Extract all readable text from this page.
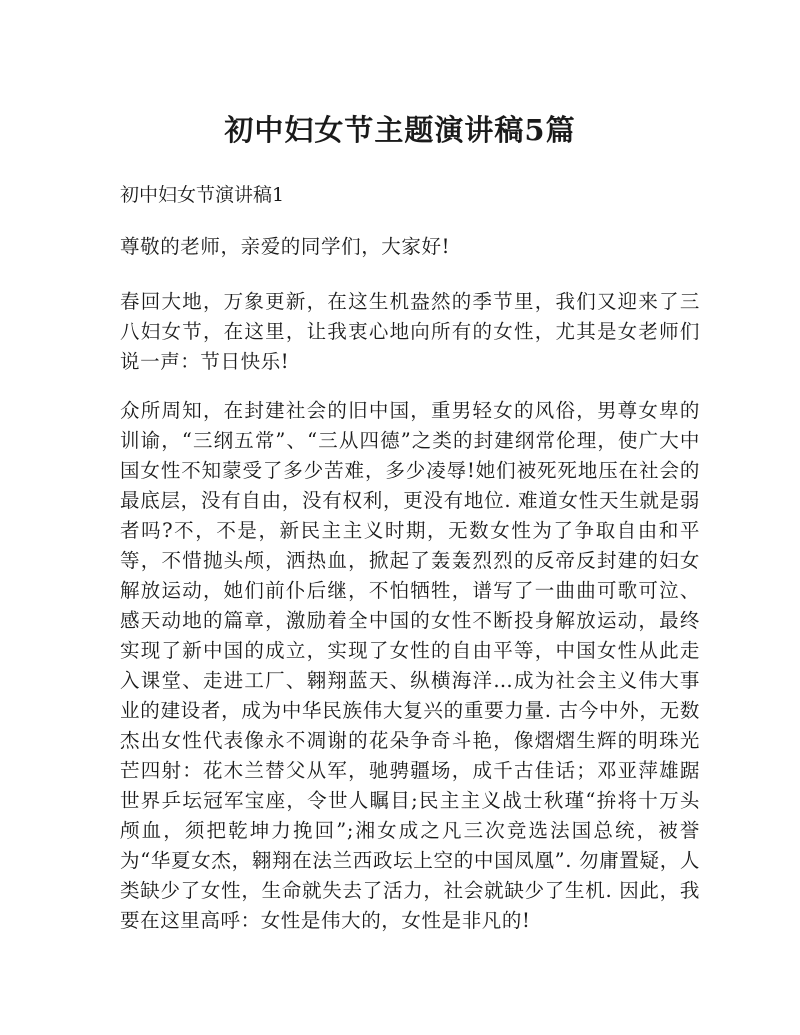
初中妇女节主题演讲稿5篇
初中妇女节演讲稿1

尊敬的老师，亲爱的同学们，大家好!

春回大地，万象更新，在这生机盎然的季节里，我们又迎来了三八妇女节，在这里，让我衷心地向所有的女性，尤其是女老师们说一声：节日快乐!

众所周知，在封建社会的旧中国，重男轻女的风俗，男尊女卑的训谕，“三纲五常”、“三从四德”之类的封建纲常伦理，使广大中国女性不知蒙受了多少苦难，多少凌辱!她们被死死地压在社会的最底层，没有自由，没有权利，更没有地位. 难道女性天生就是弱者吗?不，不是，新民主主义时期，无数女性为了争取自由和平等，不惜抛头颅，洒热血，掀起了轰轰烈烈的反帝反封建的妇女解放运动，她们前仆后继，不怕牺牲，谱写了一曲曲可歌可泣、感天动地的篇章，激励着全中国的女性不断投身解放运动，最终实现了新中国的成立，实现了女性的自由平等，中国女性从此走入课堂、走进工厂、翱翔蓝天、纵横海洋…成为社会主义伟大事业的建设者，成为中华民族伟大复兴的重要力量. 古今中外，无数杰出女性代表像永不凋谢的花朵争奇斗艳，像熠熠生辉的明珠光芒四射：花木兰替父从军，驰骋疆场，成千古佳话；邓亚萍雄踞世界乒坛冠军宝座，令世人瞩目;民主主义战士秋瑾“拚将十万头颅血，须把乾坤力挽回”;湘女成之凡三次竞选法国总统，被誉为“华夏女杰，翱翔在法兰西政坛上空的中国凤凰”. 勿庸置疑，人类缺少了女性，生命就失去了活力，社会就缺少了生机. 因此，我要在这里高呼：女性是伟大的，女性是非凡的!
